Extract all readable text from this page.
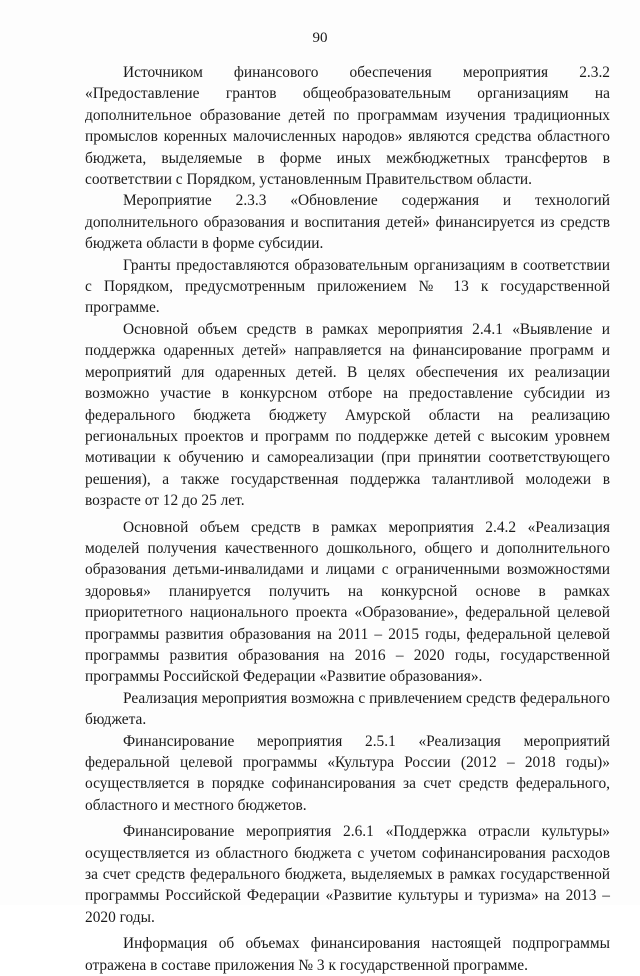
90

Источником финансового обеспечения мероприятия 2.3.2 «Предоставление грантов общеобразовательным организациям на дополнительное образование детей по программам изучения традиционных промыслов коренных малочисленных народов» являются средства областного бюджета, выделяемые в форме иных межбюджетных трансфертов в соответствии с Порядком, установленным Правительством области.

Мероприятие 2.3.3 «Обновление содержания и технологий дополнительного образования и воспитания детей» финансируется из средств бюджета области в форме субсидии.

Гранты предоставляются образовательным организациям в соответствии с Порядком, предусмотренным приложением № 13 к государственной программе.

Основной объем средств в рамках мероприятия 2.4.1 «Выявление и поддержка одаренных детей» направляется на финансирование программ и мероприятий для одаренных детей. В целях обеспечения их реализации возможно участие в конкурсном отборе на предоставление субсидии из федерального бюджета бюджету Амурской области на реализацию региональных проектов и программ по поддержке детей с высоким уровнем мотивации к обучению и самореализации (при принятии соответствующего решения), а также государственная поддержка талантливой молодежи в возрасте от 12 до 25 лет.

Основной объем средств в рамках мероприятия 2.4.2 «Реализация моделей получения качественного дошкольного, общего и дополнительного образования детьми-инвалидами и лицами с ограниченными возможностями здоровья» планируется получить на конкурсной основе в рамках приоритетного национального проекта «Образование», федеральной целевой программы развития образования на 2011 – 2015 годы, федеральной целевой программы развития образования на 2016 – 2020 годы, государственной программы Российской Федерации «Развитие образования».

Реализация мероприятия возможна с привлечением средств федерального бюджета.

Финансирование мероприятия 2.5.1 «Реализация мероприятий федеральной целевой программы «Культура России (2012 – 2018 годы)» осуществляется в порядке софинансирования за счет средств федерального, областного и местного бюджетов.

Финансирование мероприятия 2.6.1 «Поддержка отрасли культуры» осуществляется из областного бюджета с учетом софинансирования расходов за счет средств федерального бюджета, выделяемых в рамках государственной программы Российской Федерации «Развитие культуры и туризма» на 2013 – 2020 годы.

Информация об объемах финансирования настоящей подпрограммы отражена в составе приложения № 3 к государственной программе.
